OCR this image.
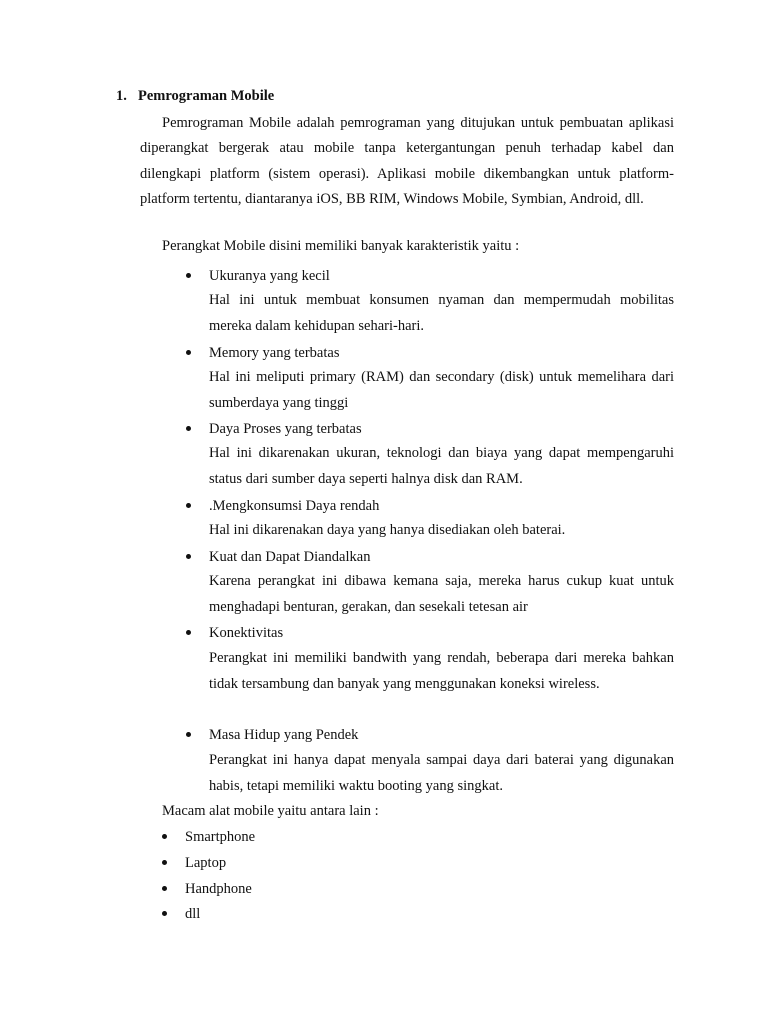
1. Pemrograman Mobile
Pemrograman Mobile adalah pemrograman yang ditujukan untuk pembuatan aplikasi diperangkat bergerak atau mobile tanpa ketergantungan penuh terhadap kabel dan dilengkapi platform (sistem operasi). Aplikasi mobile dikembangkan untuk platform-platform tertentu, diantaranya iOS, BB RIM, Windows Mobile, Symbian, Android, dll.
Perangkat Mobile disini memiliki banyak karakteristik yaitu :
Ukuranya yang kecil
Hal ini untuk membuat konsumen nyaman dan mempermudah mobilitas mereka dalam kehidupan sehari-hari.
Memory yang terbatas
Hal ini meliputi primary (RAM) dan secondary (disk) untuk memelihara dari sumberdaya yang tinggi
Daya Proses yang terbatas
Hal ini dikarenakan ukuran, teknologi dan biaya yang dapat mempengaruhi status dari sumber daya seperti halnya disk dan RAM.
.Mengkonsumsi Daya rendah
Hal ini dikarenakan daya yang hanya disediakan oleh baterai.
Kuat dan Dapat Diandalkan
Karena perangkat ini dibawa kemana saja, mereka harus cukup kuat untuk menghadapi benturan, gerakan, dan sesekali tetesan air
Konektivitas
Perangkat ini memiliki bandwith yang rendah, beberapa dari mereka bahkan tidak tersambung dan banyak yang menggunakan koneksi wireless.
Masa Hidup yang Pendek
Perangkat ini hanya dapat menyala sampai daya dari baterai yang digunakan habis, tetapi memiliki waktu booting yang singkat.
Macam alat mobile yaitu antara lain :
Smartphone
Laptop
Handphone
dll
